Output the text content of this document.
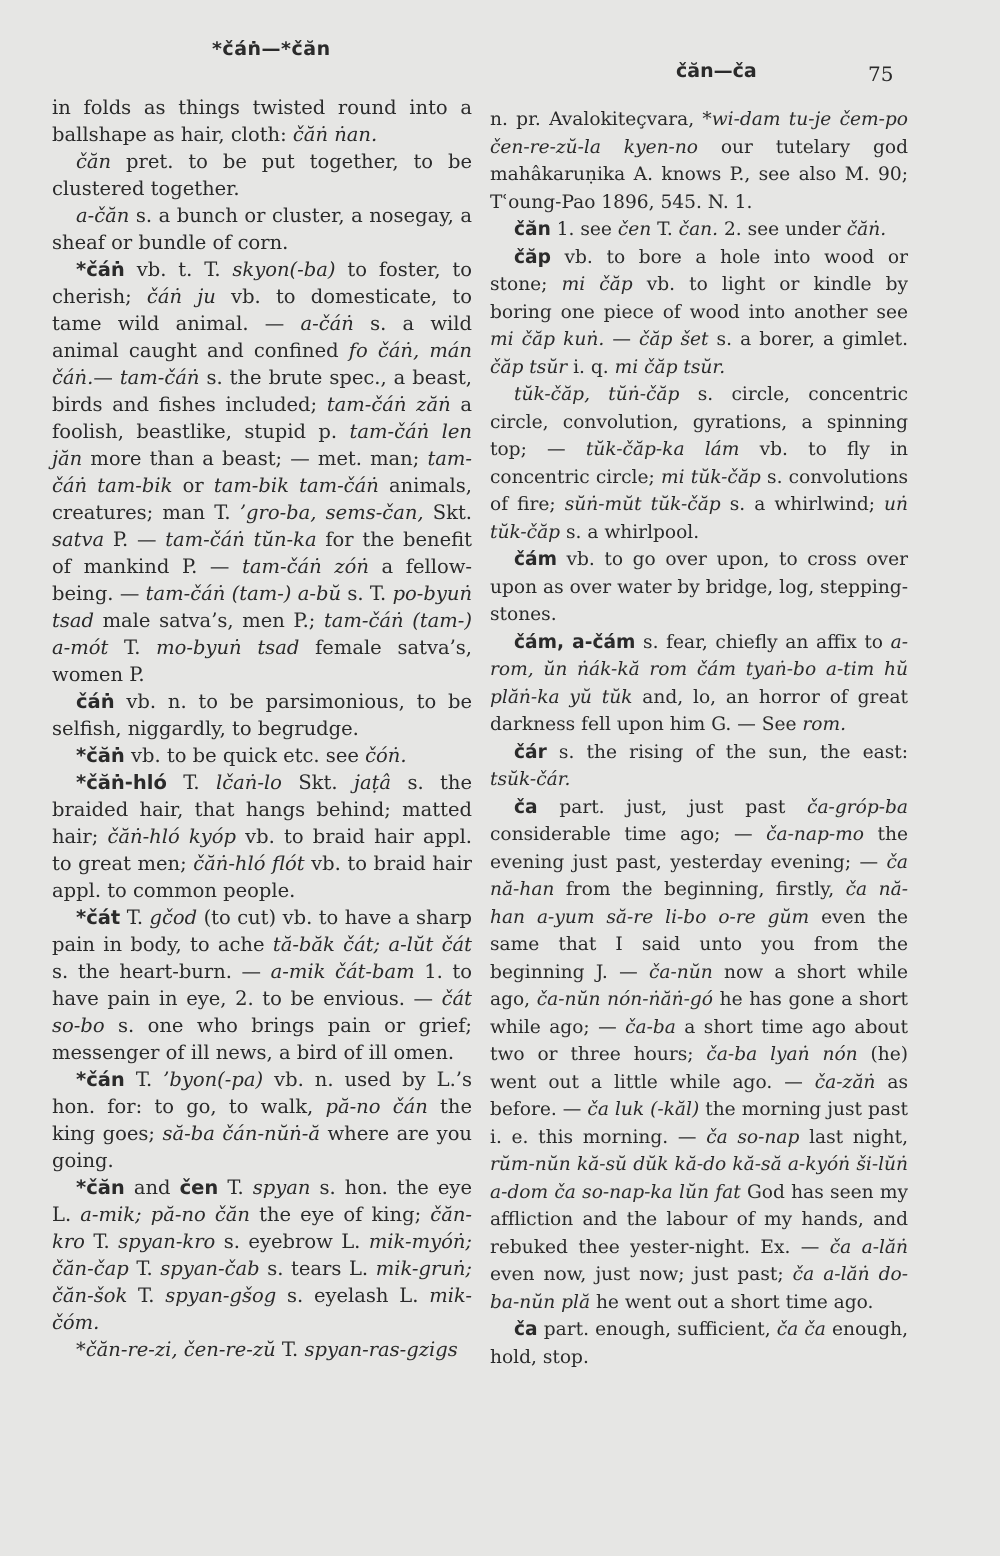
*čáṅ—*čăn
čăn—ča	75

in folds as things twisted round into a ballshape as hair, cloth: čăṅ ṅan.

čăn pret. to be put together, to be clustered together.

a-čăn s. a bunch or cluster, a nosegay, a sheaf or bundle of corn.

*čáṅ vb. t. T. skyon(-ba) to foster, to cherish; čáṅ ju vb. to domesticate, to tame wild animal. — a-čáṅ s. a wild animal caught and confined fo čáṅ, mán čáṅ.— tam-čáṅ s. the brute spec., a beast, birds and fishes included; tam-čáṅ zăṅ a foolish, beastlike, stupid p. tam-čáṅ len jăn more than a beast; — met. man; tam-čáṅ tam-bik or tam-bik tam-čáṅ animals, creatures; man T. ’gro-ba, sems-čan, Skt. satva P. — tam-čáṅ tŭn-ka for the benefit of mankind P. — tam-čáṅ zóṅ a fellow-being. — tam-čáṅ (tam-) a-bŭ s. T. po-byuṅ tsad male satva’s, men P.; tam-čáṅ (tam-) a-mót T. mo-byuṅ tsad female satva’s, women P.

čáṅ vb. n. to be parsimonious, to be selfish, niggardly, to begrudge.

*čăṅ vb. to be quick etc. see čóṅ.

*čăṅ-hló T. lčaṅ-lo Skt. jaṭâ s. the braided hair, that hangs behind; matted hair; čăṅ-hló kyóp vb. to braid hair appl. to great men; čăṅ-hló flót vb. to braid hair appl. to common people.

*čát T. gčod (to cut) vb. to have a sharp pain in body, to ache tă-băk čát; a-lŭt čát s. the heart-burn. — a-mik čát-bam 1. to have pain in eye, 2. to be envious. — čát so-bo s. one who brings pain or grief; messenger of ill news, a bird of ill omen.

*čán T. ’byon(-pa) vb. n. used by L.’s hon. for: to go, to walk, pă-no čán the king goes; să-ba čán-nŭṅ-ă where are you going.

*čăn and čen T. spyan s. hon. the eye L. a-mik; pă-no čăn the eye of king; čăn-kro T. spyan-kro s. eyebrow L. mik-myóṅ; čăn-čap T. spyan-čab s. tears L. mik-gruṅ; čăn-šok T. spyan-gšog s. eyelash L. mik-čóm.

*čăn-re-zi, čen-re-zŭ T. spyan-ras-gzigs

n. pr. Avalokiteçvara, *wi-dam tu-je čem-po čen-re-zŭ-la kyen-no our tutelary god mahâkaruṇika A. knows P., see also M. 90; Tʿoung-Pao 1896, 545. N. 1.

čăn 1. see čen T. čan. 2. see under čăṅ.

čăp vb. to bore a hole into wood or stone; mi čăp vb. to light or kindle by boring one piece of wood into another see mi čăp kuṅ. — čăp šet s. a borer, a gimlet. čăp tsŭr i. q. mi čăp tsŭr.

tŭk-čăp, tŭṅ-čăp s. circle, concentric circle, convolution, gyrations, a spinning top; — tŭk-čăp-ka lám vb. to fly in concentric circle; mi tŭk-čăp s. convolutions of fire; sŭṅ-mŭt tŭk-čăp s. a whirlwind; uṅ tŭk-čăp s. a whirlpool.

čám vb. to go over upon, to cross over upon as over water by bridge, log, stepping-stones.

čám, a-čám s. fear, chiefly an affix to a-rom, ŭn ṅák-kă rom čám tyaṅ-bo a-tim hŭ plăṅ-ka yŭ tŭk and, lo, an horror of great darkness fell upon him G. — See rom.

čár s. the rising of the sun, the east: tsŭk-čár.

ča part. just, just past ča-gróp-ba considerable time ago; — ča-nap-mo the evening just past, yesterday evening; — ča nă-han from the beginning, firstly, ča nă-han a-yum să-re li-bo o-re gŭm even the same that I said unto you from the beginning J. — ča-nŭn now a short while ago, ča-nŭn nón-ṅăṅ-gó he has gone a short while ago; — ča-ba a short time ago about two or three hours; ča-ba lyaṅ nón (he) went out a little while ago. — ča-zăṅ as before. — ča luk (-kăl) the morning just past i. e. this morning. — ča so-nap last night, rŭm-nŭn kă-sŭ dŭk kă-do kă-să a-kyóṅ ši-lŭṅ a-dom ča so-nap-ka lŭn fat God has seen my affliction and the labour of my hands, and rebuked thee yester-night. Ex. — ča a-lăṅ even now, just now; just past; ča a-lăṅ do-ba-nŭn plă he went out a short time ago.

ča part. enough, sufficient, ča ča enough, hold, stop.
